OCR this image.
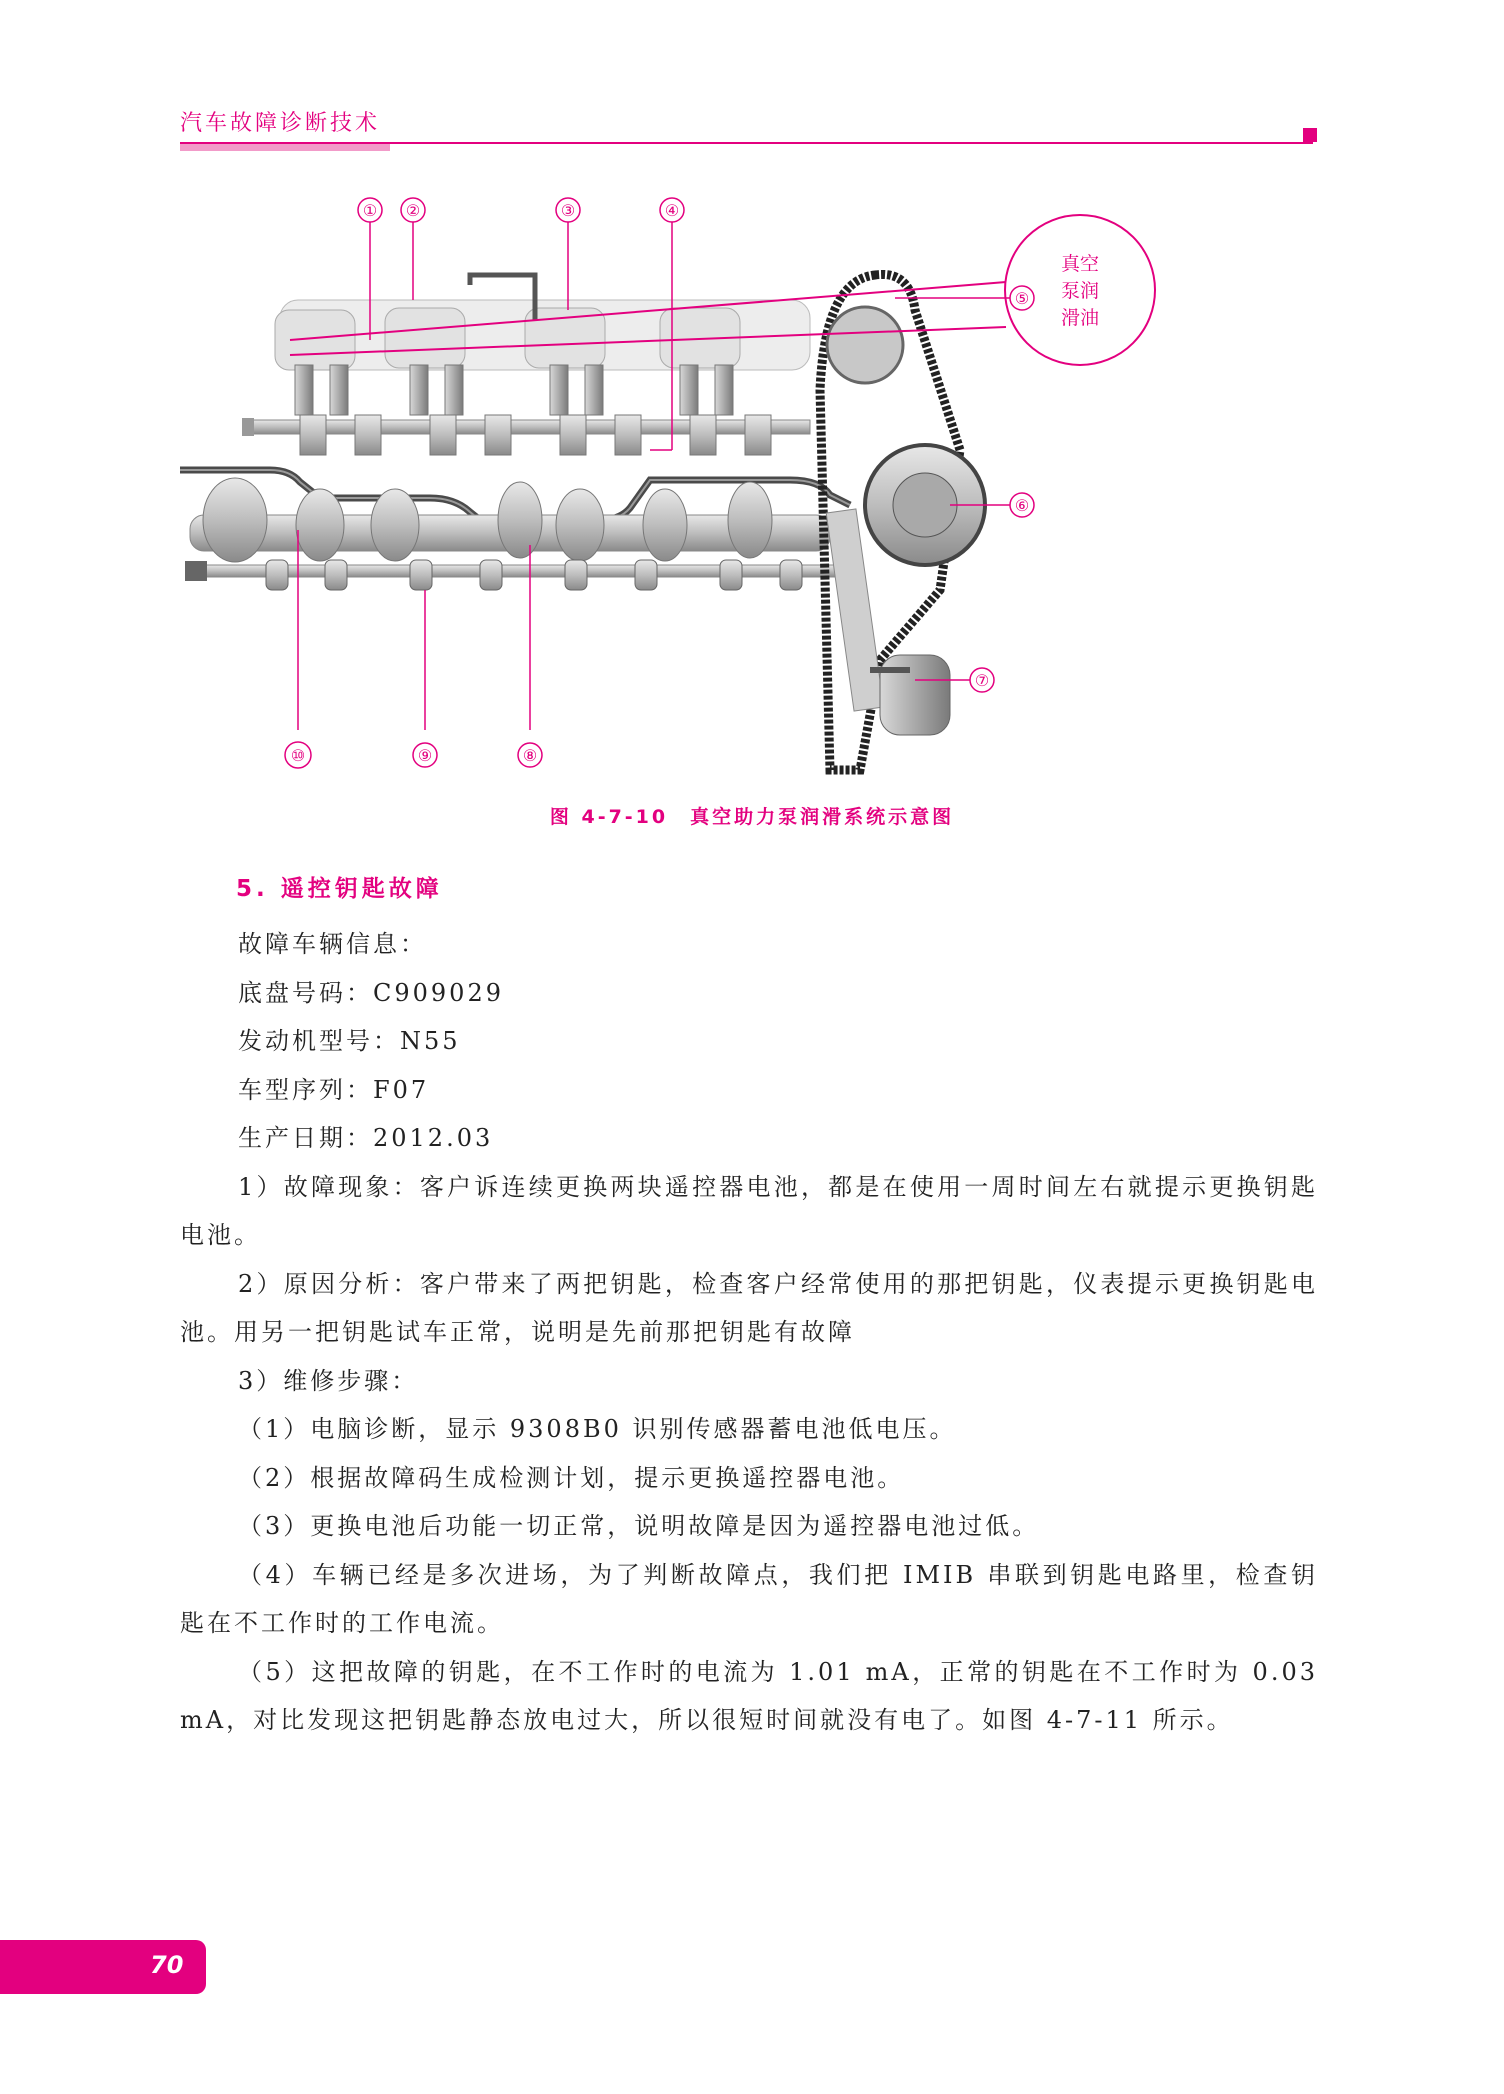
汽车故障诊断技术
真空
泵润
滑油
① ②	③	④
⑤
⑥
⑦
⑧
⑨
⑩
图 4-7-10　真空助力泵润滑系统示意图
5. 遥控钥匙故障
故障车辆信息：
底盘号码：C909029
发动机型号：N55
车型序列：F07
生产日期：2012.03
1）故障现象：客户诉连续更换两块遥控器电池，都是在使用一周时间左右就提示更换钥匙电池。
2）原因分析：客户带来了两把钥匙，检查客户经常使用的那把钥匙，仪表提示更换钥匙电池。用另一把钥匙试车正常，说明是先前那把钥匙有故障
3）维修步骤：
（1）电脑诊断，显示 9308B0 识别传感器蓄电池低电压。
（2）根据故障码生成检测计划，提示更换遥控器电池。
（3）更换电池后功能一切正常，说明故障是因为遥控器电池过低。
（4）车辆已经是多次进场，为了判断故障点，我们把 IMIB 串联到钥匙电路里，检查钥匙在不工作时的工作电流。
（5）这把故障的钥匙，在不工作时的电流为 1.01 mA，正常的钥匙在不工作时为 0.03 mA，对比发现这把钥匙静态放电过大，所以很短时间就没有电了。如图 4-7-11 所示。
70
